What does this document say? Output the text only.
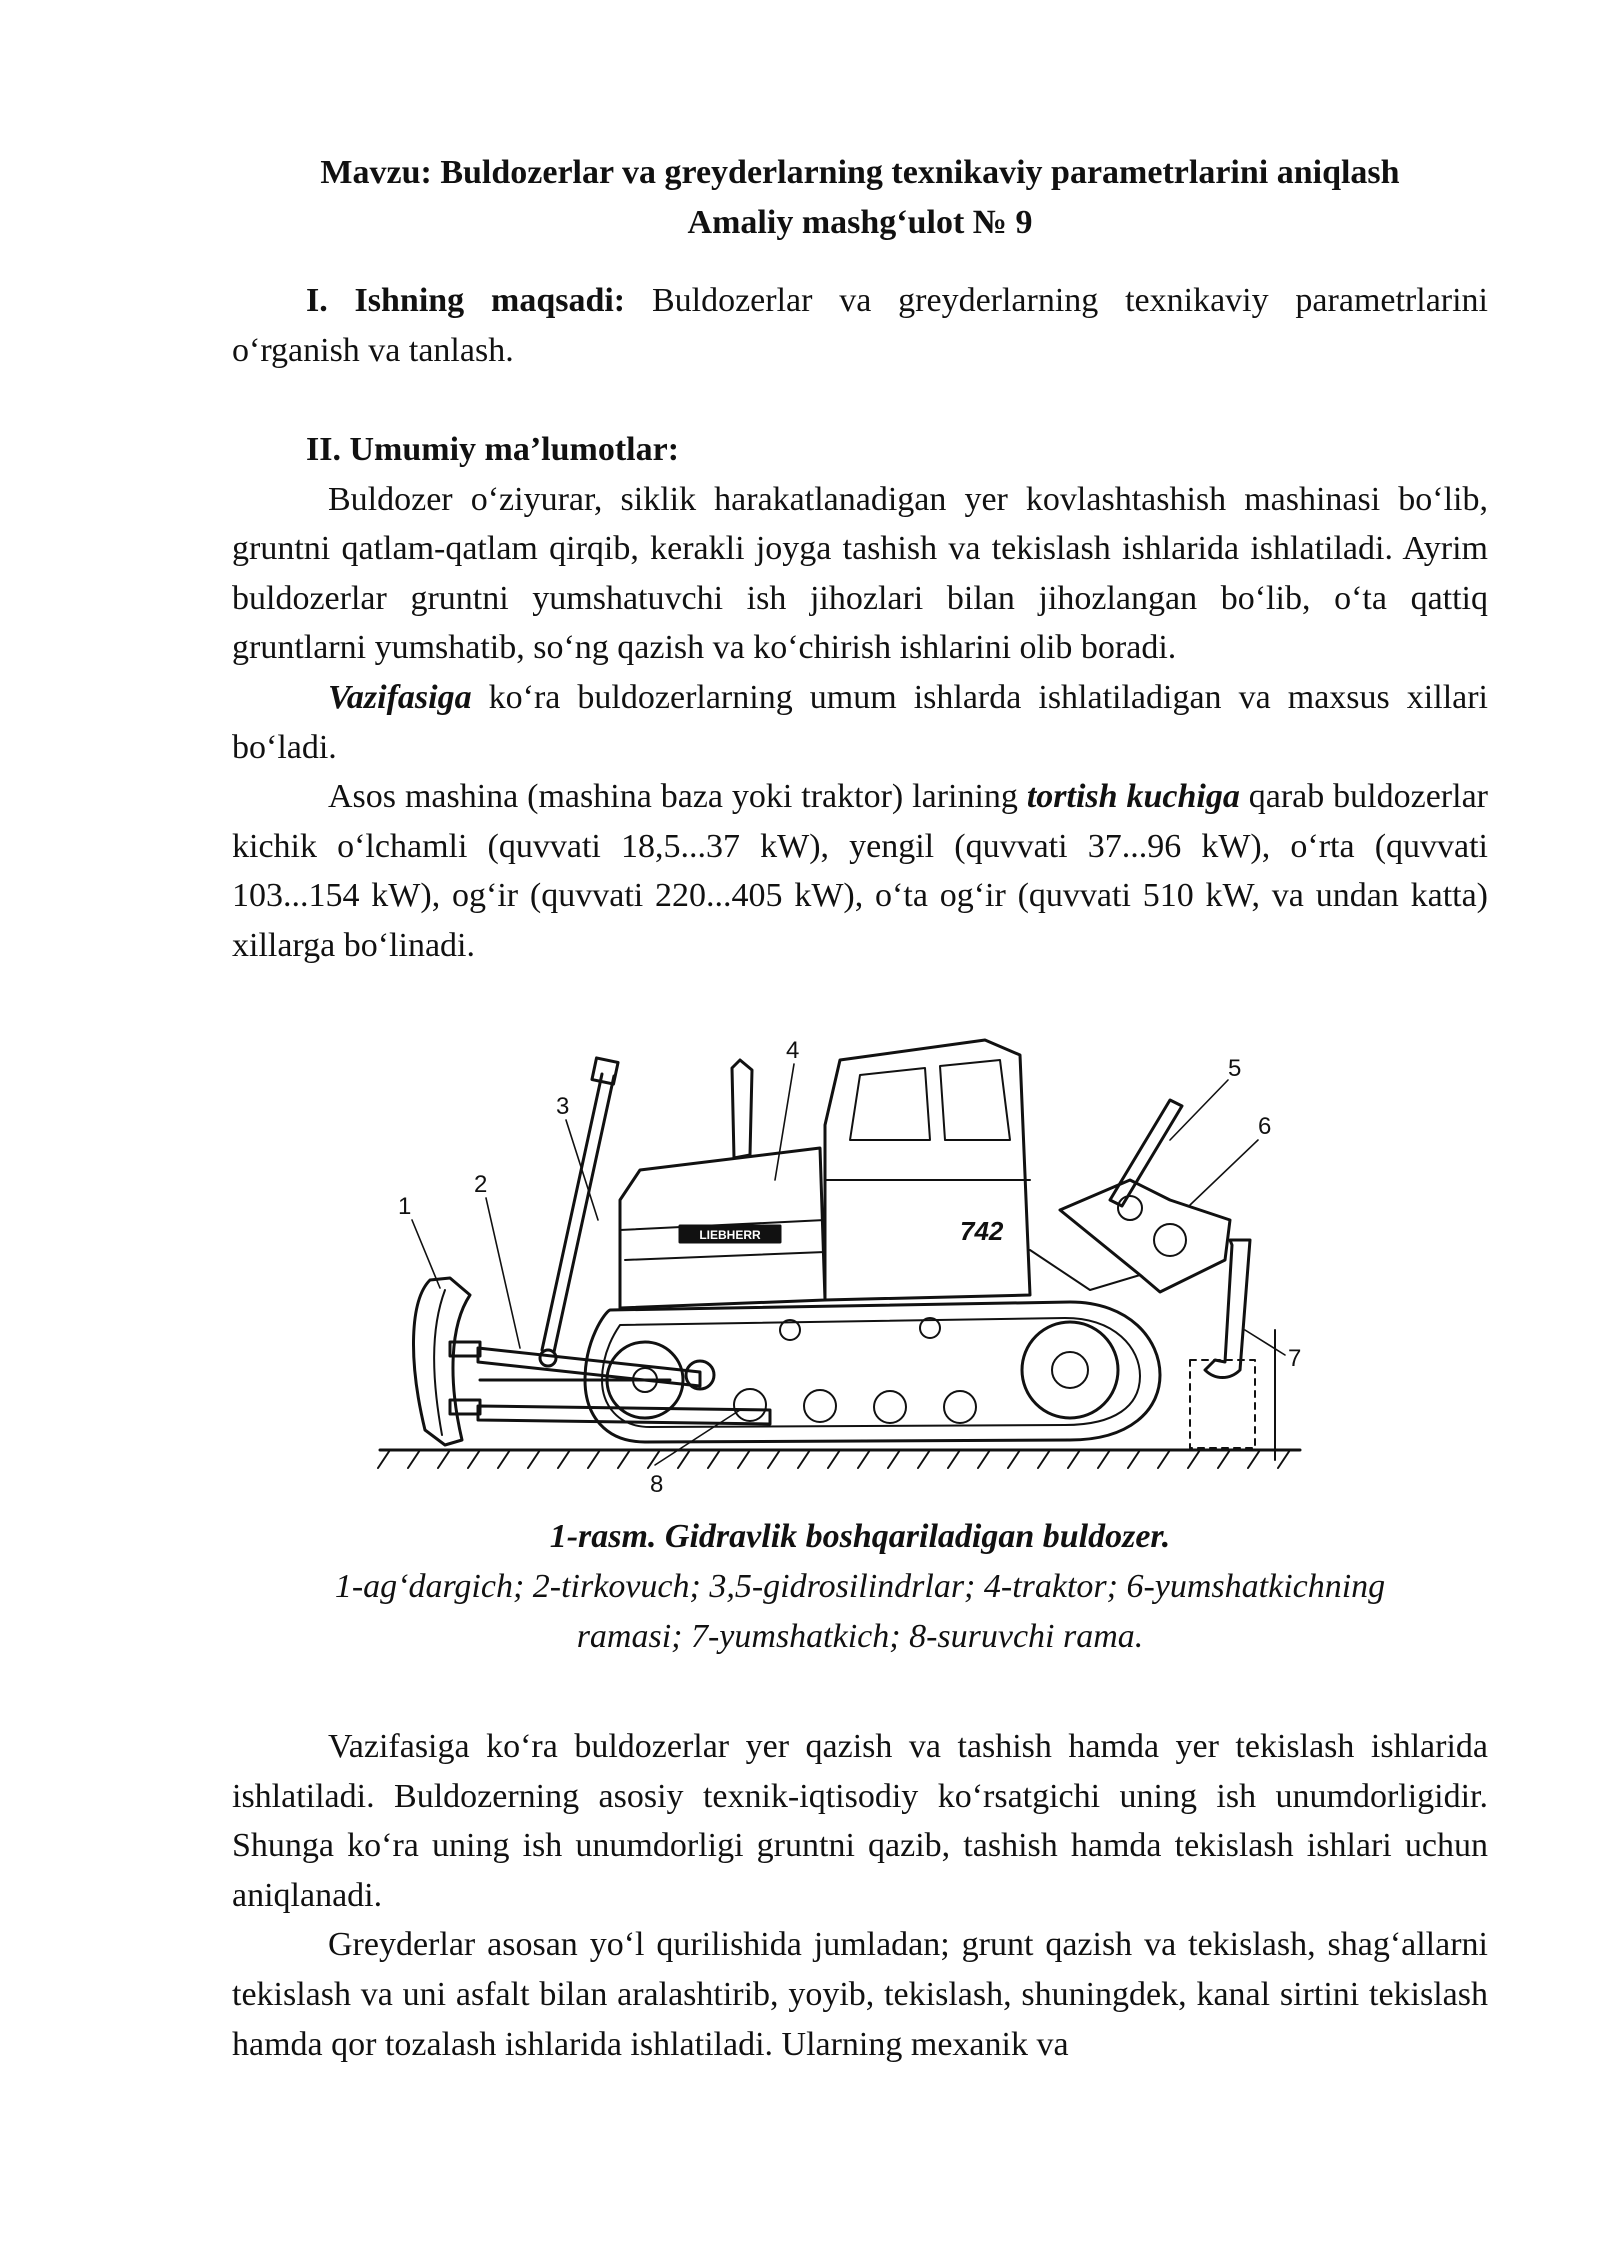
Mavzu: Buldozerlar va greyderlarning texnikaviy parametrlarini aniqlash
Amaliy mashg‘ulot № 9

I. Ishning maqsadi: Buldozerlar va greyderlarning texnikaviy parametrlarini o‘rganish va tanlash.

II. Umumiy ma’lumotlar:

Buldozer o‘ziyurar, siklik harakatlanadigan yer kovlashtashish mashinasi bo‘lib, gruntni qatlam-qatlam qirqib, kerakli joyga tashish va tekislash ishlarida ishlatiladi. Ayrim buldozerlar gruntni yumshatuvchi ish jihozlari bilan jihozlangan bo‘lib, o‘ta qattiq gruntlarni yumshatib, so‘ng qazish va ko‘chirish ishlarini olib boradi.

Vazifasiga ko‘ra buldozerlarning umum ishlarda ishlatiladigan va maxsus xillari bo‘ladi.

Asos mashina (mashina baza yoki traktor) larining tortish kuchiga qarab buldozerlar kichik o‘lchamli (quvvati 18,5...37 kW), yengil (quvvati 37...96 kW), o‘rta (quvvati 103...154 kW), og‘ir (quvvati 220...405 kW), o‘ta og‘ir (quvvati 510 kW, va undan katta) xillarga bo‘linadi.

LIEBHERR	742
1
2
3
4
5
6
7
8
1-rasm. Gidravlik boshqariladigan buldozer.
1-ag‘dargich; 2-tirkovuch; 3,5-gidrosilindrlar; 4-traktor; 6-yumshatkichning
ramasi; 7-yumshatkich; 8-suruvchi rama.

Vazifasiga ko‘ra buldozerlar yer qazish va tashish hamda yer tekislash ishlarida ishlatiladi. Buldozerning asosiy texnik-iqtisodiy ko‘rsatgichi uning ish unumdorligidir. Shunga ko‘ra uning ish unumdorligi gruntni qazib, tashish hamda tekislash ishlari uchun aniqlanadi.

Greyderlar asosan yo‘l qurilishida jumladan; grunt qazish va tekislash, shag‘allarni tekislash va uni asfalt bilan aralashtirib, yoyib, tekislash, shuningdek, kanal sirtini tekislash hamda qor tozalash ishlarida ishlatiladi. Ularning mexanik va
